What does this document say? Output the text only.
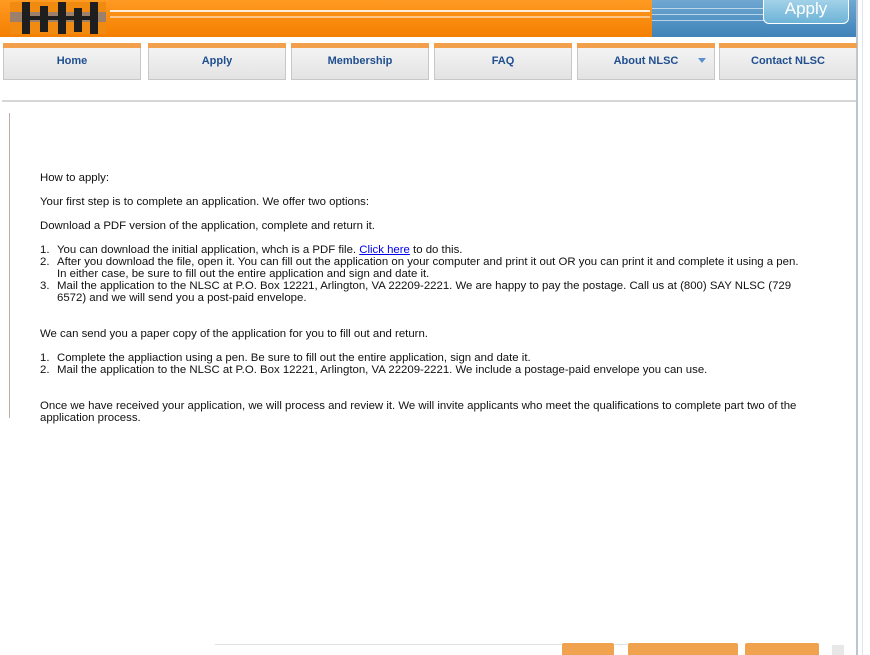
Apply
Home	Apply	Membership	FAQ	About NLSC	Contact NLSC

How to apply:

Your first step is to complete an application. We offer two options:

Download a PDF version of the application, complete and return it.

1. You can download the initial application, whch is a PDF file. Click here to do this.
2. After you download the file, open it. You can fill out the application on your computer and print it out OR you can print it and complete it using a pen. In either case, be sure to fill out the entire application and sign and date it.
3. Mail the application to the NLSC at P.O. Box 12221, Arlington, VA 22209-2221. We are happy to pay the postage. Call us at (800) SAY NLSC (729 6572) and we will send you a post-paid envelope.

We can send you a paper copy of the application for you to fill out and return.

1. Complete the appliaction using a pen. Be sure to fill out the entire application, sign and date it.
2. Mail the application to the NLSC at P.O. Box 12221, Arlington, VA 22209-2221. We include a postage-paid envelope you can use.

Once we have received your application, we will process and review it. We will invite applicants who meet the qualifications to complete part two of the application process.
